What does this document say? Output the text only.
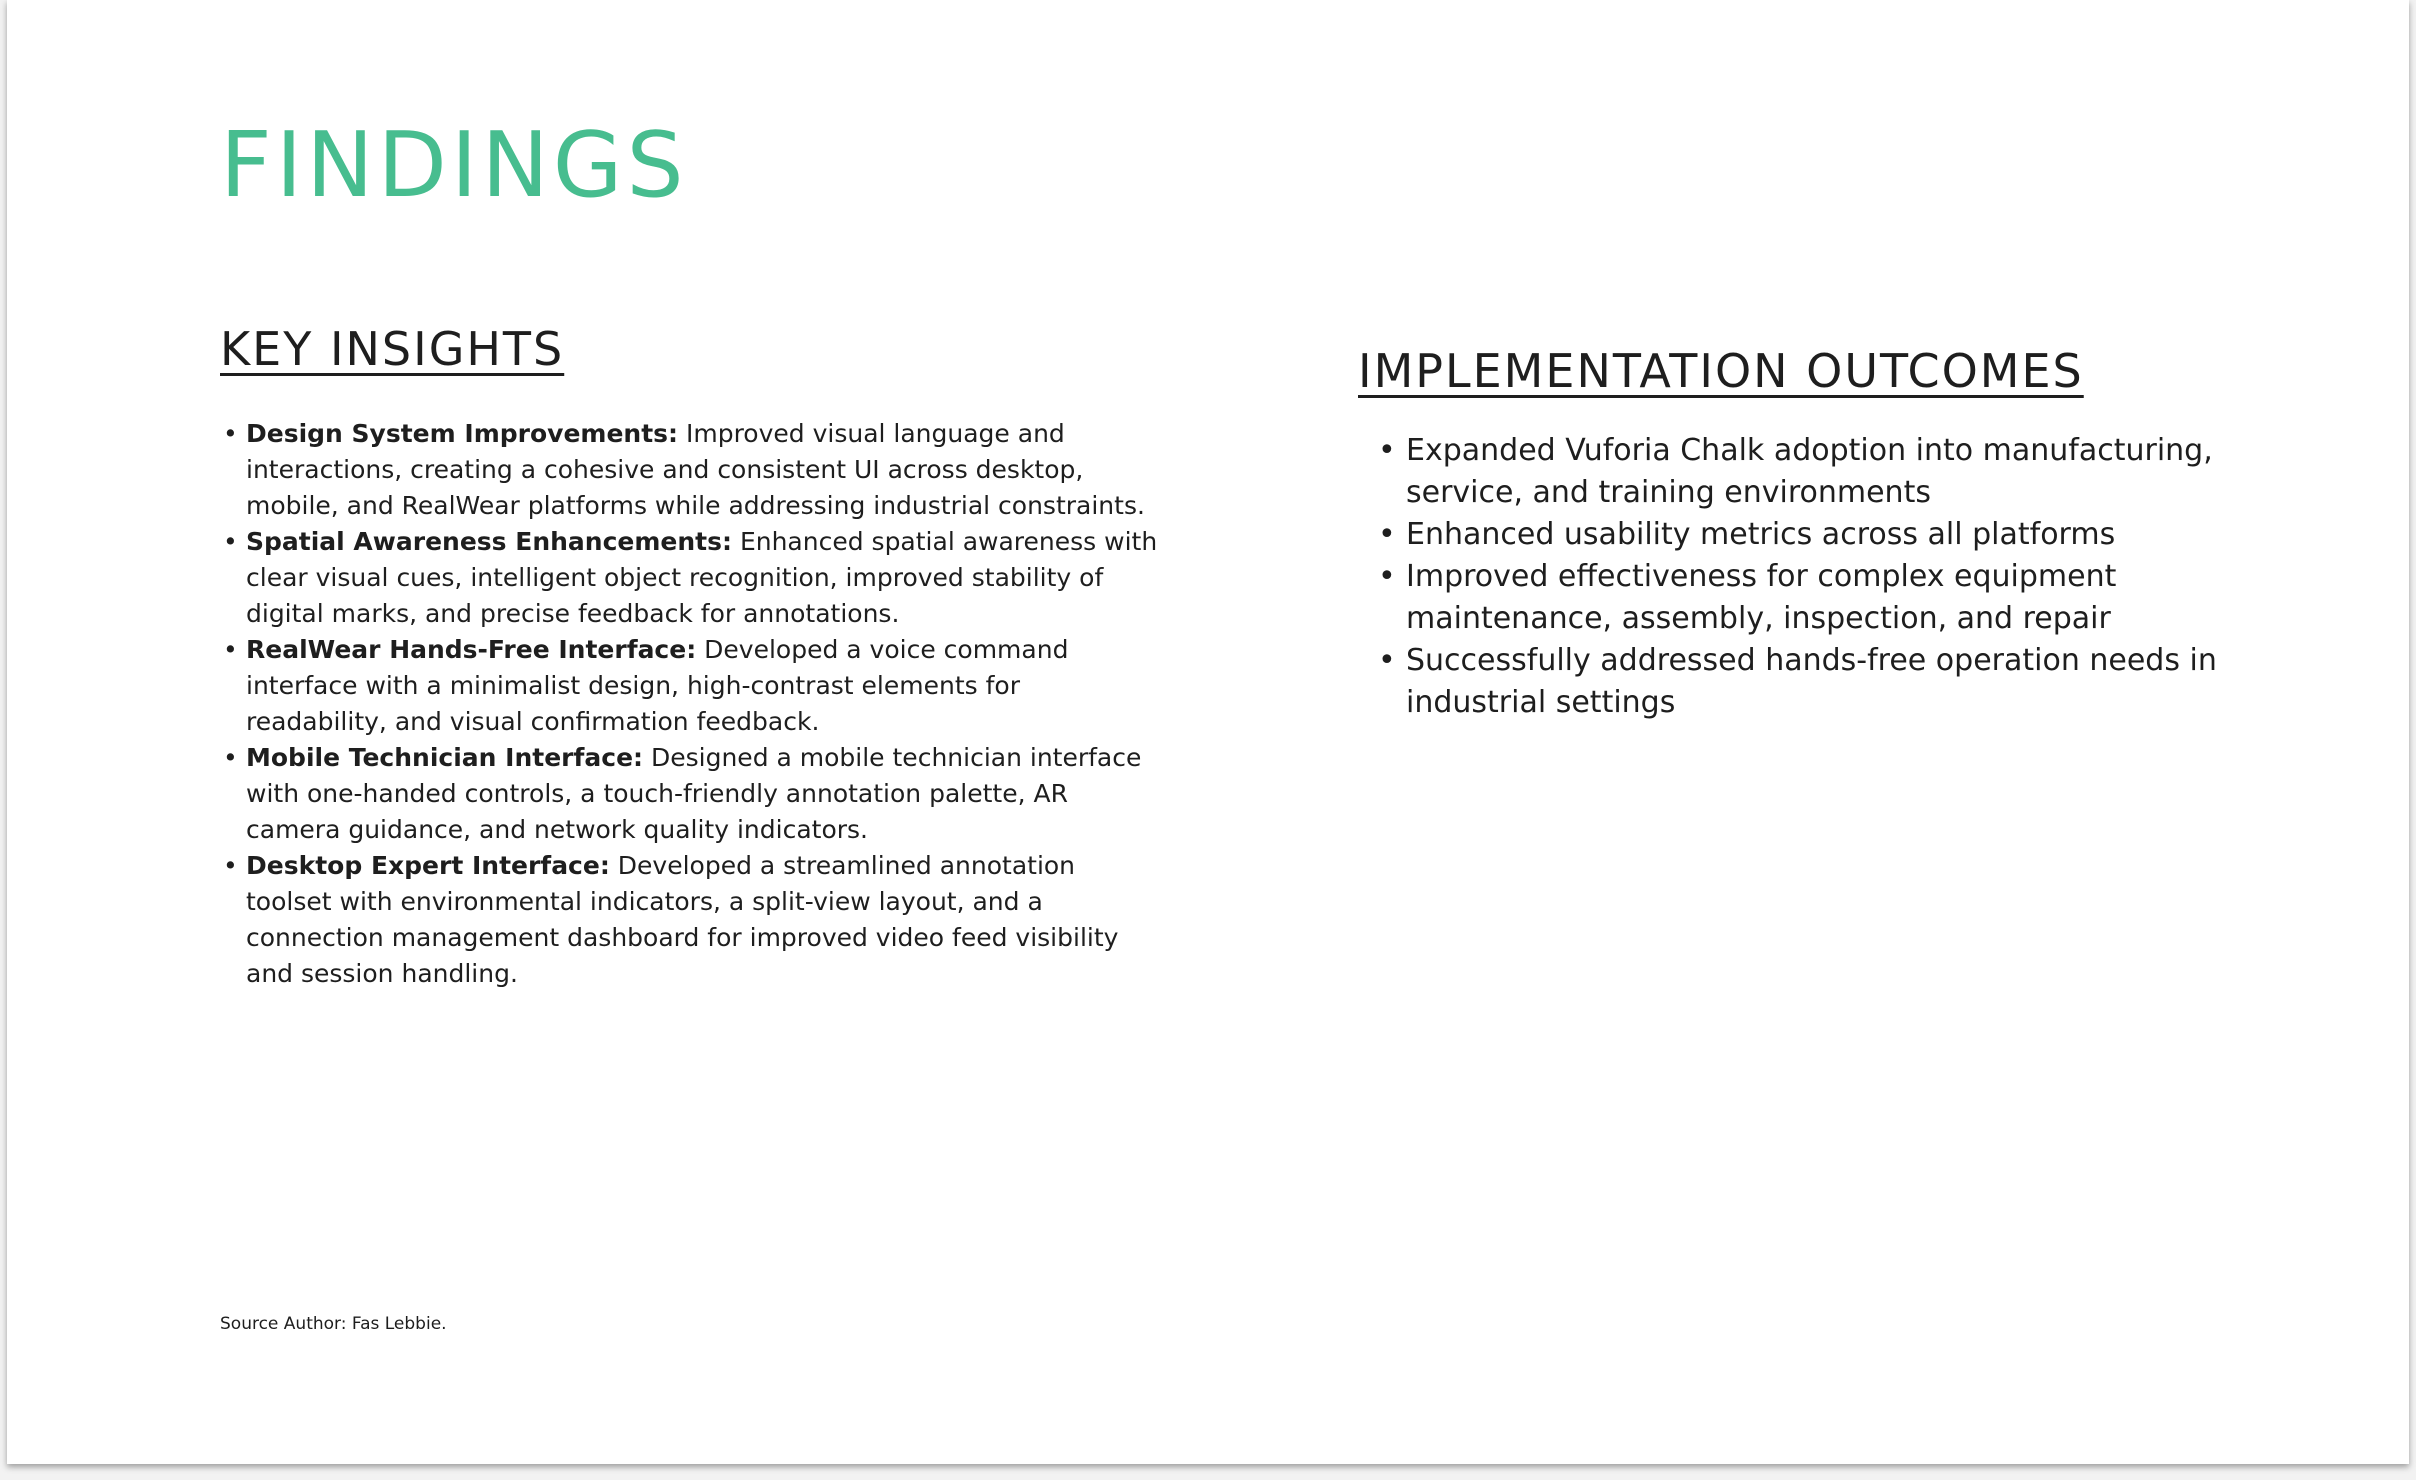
FINDINGS
KEY INSIGHTS
• Design System Improvements: Improved visual language and interactions, creating a cohesive and consistent UI across desktop, mobile, and RealWear platforms while addressing industrial constraints.
• Spatial Awareness Enhancements: Enhanced spatial awareness with clear visual cues, intelligent object recognition, improved stability of digital marks, and precise feedback for annotations.
• RealWear Hands-Free Interface: Developed a voice command interface with a minimalist design, high-contrast elements for readability, and visual confirmation feedback.
• Mobile Technician Interface: Designed a mobile technician interface with one-handed controls, a touch-friendly annotation palette, AR camera guidance, and network quality indicators.
• Desktop Expert Interface: Developed a streamlined annotation toolset with environmental indicators, a split-view layout, and a connection management dashboard for improved video feed visibility and session handling.
IMPLEMENTATION OUTCOMES
• Expanded Vuforia Chalk adoption into manufacturing, service, and training environments
• Enhanced usability metrics across all platforms
• Improved effectiveness for complex equipment maintenance, assembly, inspection, and repair
• Successfully addressed hands-free operation needs in industrial settings

Source Author: Fas Lebbie.
